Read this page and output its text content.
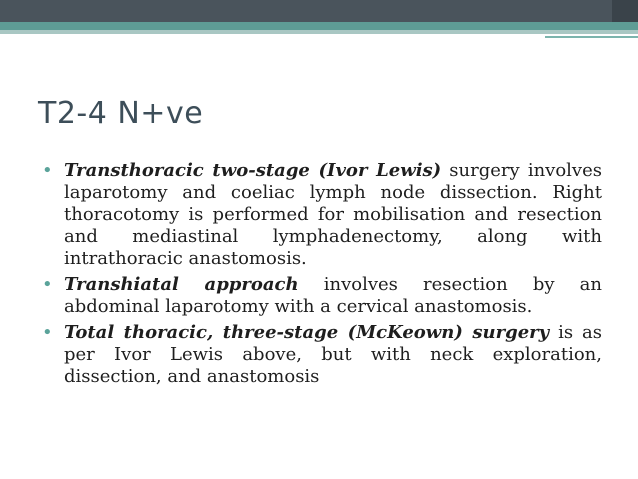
T2-4 N+ve
• Transthoracic two-stage (Ivor Lewis) surgery involves laparotomy and coeliac lymph node dissection. Right thoracotomy is performed for mobilisation and resection and mediastinal lymphadenectomy, along with intrathoracic anastomosis.
• Transhiatal approach involves resection by an abdominal laparotomy with a cervical anastomosis.
• Total thoracic, three-stage (McKeown) surgery is as per Ivor Lewis above, but with neck exploration, dissection, and anastomosis
